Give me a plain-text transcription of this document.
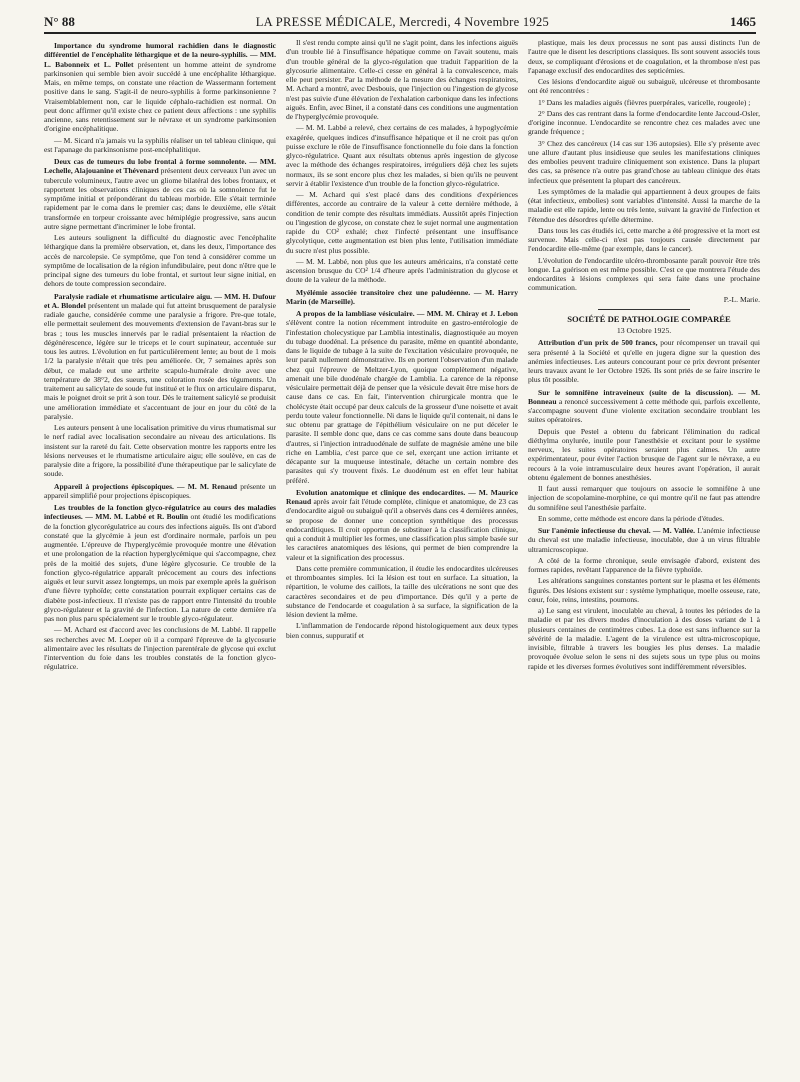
N° 88	LA PRESSE MÉDICALE, Mercredi, 4 Novembre 1925	1465

Importance du syndrome humoral rachidien dans le diagnostic différentiel de l'encéphalite léthargique et de la neuro-syphilis. — MM. L. Babonneix et L. Pollet présentent un homme atteint de syndrome parkinsonien qui semble bien avoir succédé à une encéphalite léthargique. Mais, en même temps, on constate une réaction de Wassermann fortement positive dans le sang. S'agit-il de neuro-syphilis à forme parkinsonienne ? Vraisemblablement non, car le liquide céphalo-rachidien est normal. On peut donc affirmer qu'il existe chez ce patient deux affections : une syphilis ancienne, sans retentissement sur le névraxe et un syndrome parkinsonien d'origine encéphalitique.

— M. Sicard n'a jamais vu la syphilis réaliser un tel tableau clinique, qui est l'apanage du parkinsonisme post-encéphalitique.

Deux cas de tumeurs du lobe frontal à forme somnolente. — MM. Lechelle, Alajouanine et Thévenard présentent deux cerveaux l'un avec un tubercule volumineux, l'autre avec un gliome bilatéral des lobes frontaux, et rapportent les observations cliniques de ces cas où la somnolence fut le symptôme initial et prépondérant du tableau morbide. Elle s'était terminée rapidement par le coma dans le premier cas; dans le deuxième, elle s'était transformée en torpeur croissante avec hémiplégie progressive, sans aucun autre signe permettant d'incriminer le lobe frontal.

Les auteurs soulignent la difficulté du diagnostic avec l'encéphalite léthargique dans la première observation, et, dans les deux, l'importance des accès de narcolepsie. Ce symptôme, que l'on tend à considérer comme un symptôme de localisation de la région infundibulaire, peut donc n'être que le principal signe des tumeurs du lobe frontal, et surtout leur signe initial, en dehors de toute compression secondaire.

Paralysie radiale et rhumatisme articulaire aigu. — MM. H. Dufour et A. Blondel présentent un malade qui fut atteint brusquement de paralysie radiale gauche, considérée comme une paralysie a frigore. Pre-que totale, elle permettait seulement des mouvements d'extension de l'avant-bras sur le bras ; tous les muscles innervés par le radial présentaient la réaction de dégénérescence, légère sur le triceps et le court supinateur, accentuée sur tous les autres. L'évolution en fut particulièrement lente; au bout de 1 mois 1/2 la paralysie n'était que très peu améliorée. Or, 7 semaines après son début, ce malade eut une arthrite scapulo-humérale droite avec une température de 38°2, des sueurs, une coloration rosée des téguments. Un traitement au salicylate de soude fut institué et le flux on articulaire disparut, mais le poignet droit se prit à son tour. Dès le traitement salicylé se produisit une amélioration immédiate et s'accentuant de jour en jour du côté de la paralysie.

Les auteurs pensent à une localisation primitive du virus rhumatismal sur le nerf radial avec localisation secondaire au niveau des articulations. Ils insistent sur la rareté du fait. Cette observation montre les rapports entre les lésions nerveuses et le rhumatisme articulaire aigu; elle soulève, en cas de paralysie dite a frigore, la possibilité d'une thérapeutique par le salicylate de soude.

Appareil à projections épiscopiques. — M. M. Renaud présente un appareil simplifié pour projections épiscopiques.

Les troubles de la fonction glyco-régulatrice au cours des maladies infectieuses. — MM. M. Labbé et R. Boulin ont étudié les modifications de la fonction glycorégulatrice au cours des infections aiguës. Ils ont d'abord constaté que la glycémie à jeun est d'ordinaire normale, parfois un peu augmentée. L'épreuve de l'hyperglycémie provoquée montre une élévation et une prolongation de la réaction hyperglycémique qui s'accompagne, chez près de la moitié des sujets, d'une légère glycosurie. Ce trouble de la fonction glyco-régulatrice apparaît précocement au cours des infections aiguës et leur survit assez longtemps, un mois par exemple après la guérison d'une fièvre typhoïde; cette constatation pourrait expliquer certains cas de diabète post-infectieux. Il n'existe pas de rapport entre l'intensité du trouble glyco-régulateur et la gravité de l'infection. La nature de cette dernière n'a pas non plus paru spécialement sur le trouble glyco-régulateur.

— M. Achard est d'accord avec les conclusions de M. Labbé. Il rappelle ses recherches avec M. Loeper où il a comparé l'épreuve de la glycosurie alimentaire avec les résultats de l'injection parentérale de glycose qui exclut l'intervention du foie dans les troubles constatés de la fonction glyco-régulatrice.

Il s'est rendu compte ainsi qu'il ne s'agit point, dans les infections aiguës d'un trouble lié à l'insuffisance hépatique comme on l'avait soutenu, mais d'un trouble général de la glyco-régulation que traduit l'apparition de la glycosurie alimentaire. Celle-ci cesse en général à la convalescence, mais elle peut persister. Par la méthode de la mesure des échanges respiratoires, M. Achard a montré, avec Desbouis, que l'injection ou l'ingestion de glycose n'est pas suivie d'une élévation de l'exhalation carbonique dans les infections aiguës. Enfin, avec Binet, il a constaté dans ces conditions une augmentation de l'hyperglycémie provoquée.

— M. M. Labbé a relevé, chez certains de ces malades, à hypoglycémie exagérée, quelques indices d'insuffisance hépatique et il ne croit pas qu'on puisse exclure le rôle de l'insuffisance fonctionnelle du foie dans la fonction glyco-régulatrice. Quant aux résultats obtenus après ingestion de glycose avec la méthode des échanges respiratoires, irréguliers déjà chez les sujets normaux, ils se sont encore plus chez les malades, si bien qu'ils ne peuvent servir à établir l'existence d'un trouble de la fonction glyco-régulatrice.

— M. Achard qui s'est placé dans des conditions d'expériences différentes, accorde au contraire de la valeur à cette dernière méthode, à condition de tenir compte des résultats immédiats. Aussitôt après l'injection ou l'ingestion de glycose, on constate chez le sujet normal une augmentation rapide du CO² exhalé; chez l'infecté présentant une insuffisance glycolytique, cette augmentation est bien plus lente, l'utilisation immédiate du sucre n'est plus possible.

— M. M. Labbé, non plus que les auteurs américains, n'a constaté cette ascension brusque du CO² 1/4 d'heure après l'administration du glycose et doute de la valeur de la méthode.

Myélémie associée transitoire chez une paludéenne. — M. Harry Marin (de Marseille).

A propos de la lambliase vésiculaire. — MM. M. Chiray et J. Lebon s'élèvent contre la notion récemment introduite en gastro-entérologie de l'infestation cholecystique par Lamblia intestinalis, diagnostiquée au moyen du tubage duodénal. La présence du parasite, même en quantité abondante, dans le liquide de tubage à la suite de l'excitation vésiculaire provoquée, ne leur paraît nullement démonstrative. Ils en portent l'observation d'un malade chez qui l'épreuve de Meltzer-Lyon, quoique complètement négative, amenait une bile duodénale chargée de Lamblia. La carence de la réponse vésiculaire permettait déjà de penser que la vésicule devait être mise hors de cause dans ce cas. En fait, l'intervention chirurgicale montra que le cholécyste était occupé par deux calculs de la grosseur d'une noisette et avait perdu toute valeur fonctionnelle. Ni dans le liquide qu'il contenait, ni dans le suc obtenu par grattage de l'épithélium vésiculaire on ne put déceler le parasite. Il semble donc que, dans ce cas comme sans doute dans beaucoup d'autres, si l'injection intraduodénale de sulfate de magnésie amène une bile riche en Lamblia, c'est parce que ce sel, exerçant une action irritante et décapante sur la muqueuse intestinale, détache un certain nombre des parasites qui s'y trouvent fixés. Le duodénum est en effet leur habitat préféré.

Evolution anatomique et clinique des endocardites. — M. Maurice Renaud après avoir fait l'étude complète, clinique et anatomique, de 23 cas d'endocardite aiguë ou subaiguë qu'il a observés dans ces 4 dernières années, se propose de donner une conception synthétique des processus endocarditiques. Il croit opportun de substituer à la classification clinique, qui a conduit à multiplier les formes, une classification plus simple basée sur les caractères anatomiques des lésions, qui permet de bien comprendre la valeur et la signification des processus.

Dans cette première communication, il étudie les endocardites ulcéreuses et thromboantes simples. Ici la lésion est tout en surface. La situation, la répartition, le volume des caillots, la taille des ulcérations ne sont que des caractères secondaires et de peu d'importance. Dès qu'il y a perte de substance de l'endocarde et coagulation à sa surface, la signification de la lésion devient la même.

L'inflammation de l'endocarde répond histologiquement aux deux types bien connus, suppuratif et

plastique, mais les deux processus ne sont pas aussi distincts l'un de l'autre que le disent les descriptions classiques. Ils sont souvent associés tous deux, se compliquant d'érosions et de coagulation, et la thrombose n'est pas l'apanage exclusif des endocardites des septicémies.

Ces lésions d'endocardite aiguë ou subaiguë, ulcéreuse et thrombosante ont été rencontrées :

1° Dans les maladies aiguës (fièvres puerpérales, varicelle, rougeole) ;

2° Dans des cas rentrant dans la forme d'endocardite lente Jaccoud-Osler, d'origine inconnue. L'endocardite se rencontre chez ces malades avec une grande fréquence ;

3° Chez des cancéreux (14 cas sur 136 autopsies). Elle s'y présente avec une allure d'autant plus insidieuse que seules les manifestations cliniques des embolies peuvent traduire cliniquement son existence. Dans la plupart des cas, sa présence n'a outre pas grand'chose au tableau clinique des états infectieux que présentent la plupart des cancéreux.

Les symptômes de la maladie qui appartiennent à deux groupes de faits (état infectieux, embolies) sont variables d'intensité. Aussi la marche de la maladie est elle rapide, lente ou très lente, suivant la gravité de l'infection et l'étendue des désordres qu'elle détermine.

Dans tous les cas étudiés ici, cette marche a été progressive et la mort est survenue. Mais celle-ci n'est pas toujours causée directement par l'endocardite elle-même (par exemple, dans le cancer).

L'évolution de l'endocardite ulcéro-thrombosante paraît pouvoir être très longue. La guérison en est même possible. C'est ce que montrera l'étude des endocardites à lésions complexes qui sera faite dans une prochaine communication.

P.-L. Marie.

SOCIÉTÉ DE PATHOLOGIE COMPARÉE

13 Octobre 1925.

Attribution d'un prix de 500 francs, pour récompenser un travail qui sera présenté à la Société et qu'elle en jugera digne sur la question des anémies infectieuses. Les auteurs concourant pour ce prix devront présenter leurs travaux avant le 1er Octobre 1926. Ils sont priés de se faire inscrire le plus tôt possible.

Sur le somnifène intraveineux (suite de la discussion). — M. Bonneau a renoncé successivement à cette méthode qui, parfois excellente, s'accompagne souvent d'une violente excitation secondaire troublant les suites opératoires.

Depuis que Pestel a obtenu du fabricant l'élimination du radical diéthylma onylurée, inutile pour l'anesthésie et excitant pour le système nerveux, les suites opératoires seraient plus calmes. Un autre expérimentateur, pour éviter l'action brusque de l'agent sur le névraxe, a eu recours à la voie intramusculaire deux heures avant l'opération, il aurait obtenu également de bonnes anesthésies.

Il faut aussi remarquer que toujours on associe le somnifène à une injection de scopolamine-morphine, ce qui montre qu'il ne faut pas attendre du somnifène seul l'anesthésie parfaite.

En somme, cette méthode est encore dans la période d'études.

Sur l'anémie infectieuse du cheval. — M. Vallée. L'anémie infectieuse du cheval est une maladie infectieuse, inoculable, due à un virus filtrable ultramicroscopique.

A côté de la forme chronique, seule envisagée d'abord, existent des formes rapides, revêtant l'apparence de la fièvre typhoïde.

Les altérations sanguines constantes portent sur le plasma et les éléments figurés. Des lésions existent sur : système lymphatique, moelle osseuse, rate, cœur, foie, reins, intestins, poumons.

a) Le sang est virulent, inoculable au cheval, à toutes les périodes de la maladie et par les divers modes d'inoculation à des doses variant de 1 à plusieurs centaines de centimètres cubes. La dose est sans influence sur la sévérité de la maladie. L'agent de la virulence est ultra-microscopique, invisible, filtrable à travers les bougies les plus denses. La maladie provoquée évolue selon le sens ni des sujets sous un type plus ou moins rapide et les diverses formes évolutives sont indifféremment réversibles.
